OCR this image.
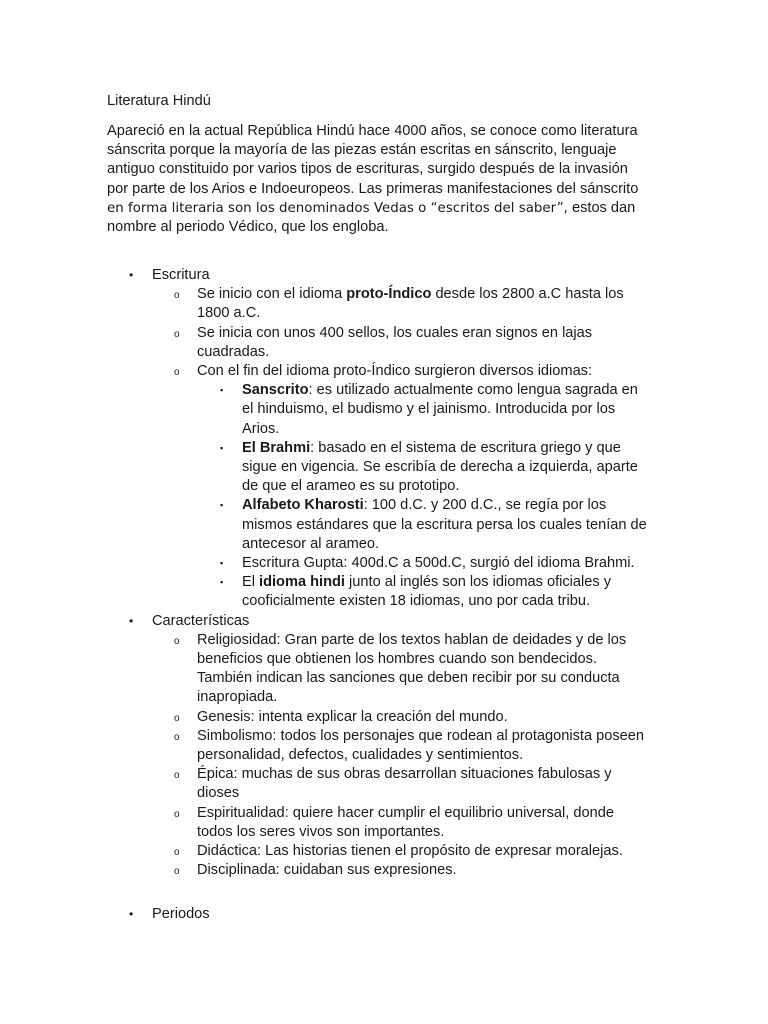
Literatura Hindú
Apareció en la actual República Hindú hace 4000 años, se conoce como literatura
sánscrita porque la mayoría de las piezas están escritas en sánscrito, lenguaje
antiguo constituido por varios tipos de escrituras, surgido después de la invasión
por parte de los Arios e Indoeuropeos. Las primeras manifestaciones del sánscrito
en forma literaria son los denominados Vedas o “escritos del saber”, estos dan
nombre al periodo Védico, que los engloba.
• Escritura
o Se inicio con el idioma proto-Índico desde los 2800 a.C hasta los
1800 a.C.
o Se inicia con unos 400 sellos, los cuales eran signos en lajas
cuadradas.
o Con el fin del idioma proto-Índico surgieron diversos idiomas:
▪ Sanscrito: es utilizado actualmente como lengua sagrada en
el hinduismo, el budismo y el jainismo. Introducida por los
Arios.
▪ El Brahmi: basado en el sistema de escritura griego y que
sigue en vigencia. Se escribía de derecha a izquierda, aparte
de que el arameo es su prototipo.
▪ Alfabeto Kharosti: 100 d.C. y 200 d.C., se regía por los
mismos estándares que la escritura persa los cuales tenían de
antecesor al arameo.
▪ Escritura Gupta: 400d.C a 500d.C, surgió del idioma Brahmi.
▪ El idioma hindi junto al inglés son los idiomas oficiales y
cooficialmente existen 18 idiomas, uno por cada tribu.
• Características
o Religiosidad: Gran parte de los textos hablan de deidades y de los
beneficios que obtienen los hombres cuando son bendecidos.
También indican las sanciones que deben recibir por su conducta
inapropiada.
o Genesis: intenta explicar la creación del mundo.
o Simbolismo: todos los personajes que rodean al protagonista poseen
personalidad, defectos, cualidades y sentimientos.
o Épica: muchas de sus obras desarrollan situaciones fabulosas y
dioses
o Espiritualidad: quiere hacer cumplir el equilibrio universal, donde
todos los seres vivos son importantes.
o Didáctica: Las historias tienen el propósito de expresar moralejas.
o Disciplinada: cuidaban sus expresiones.
• Periodos
